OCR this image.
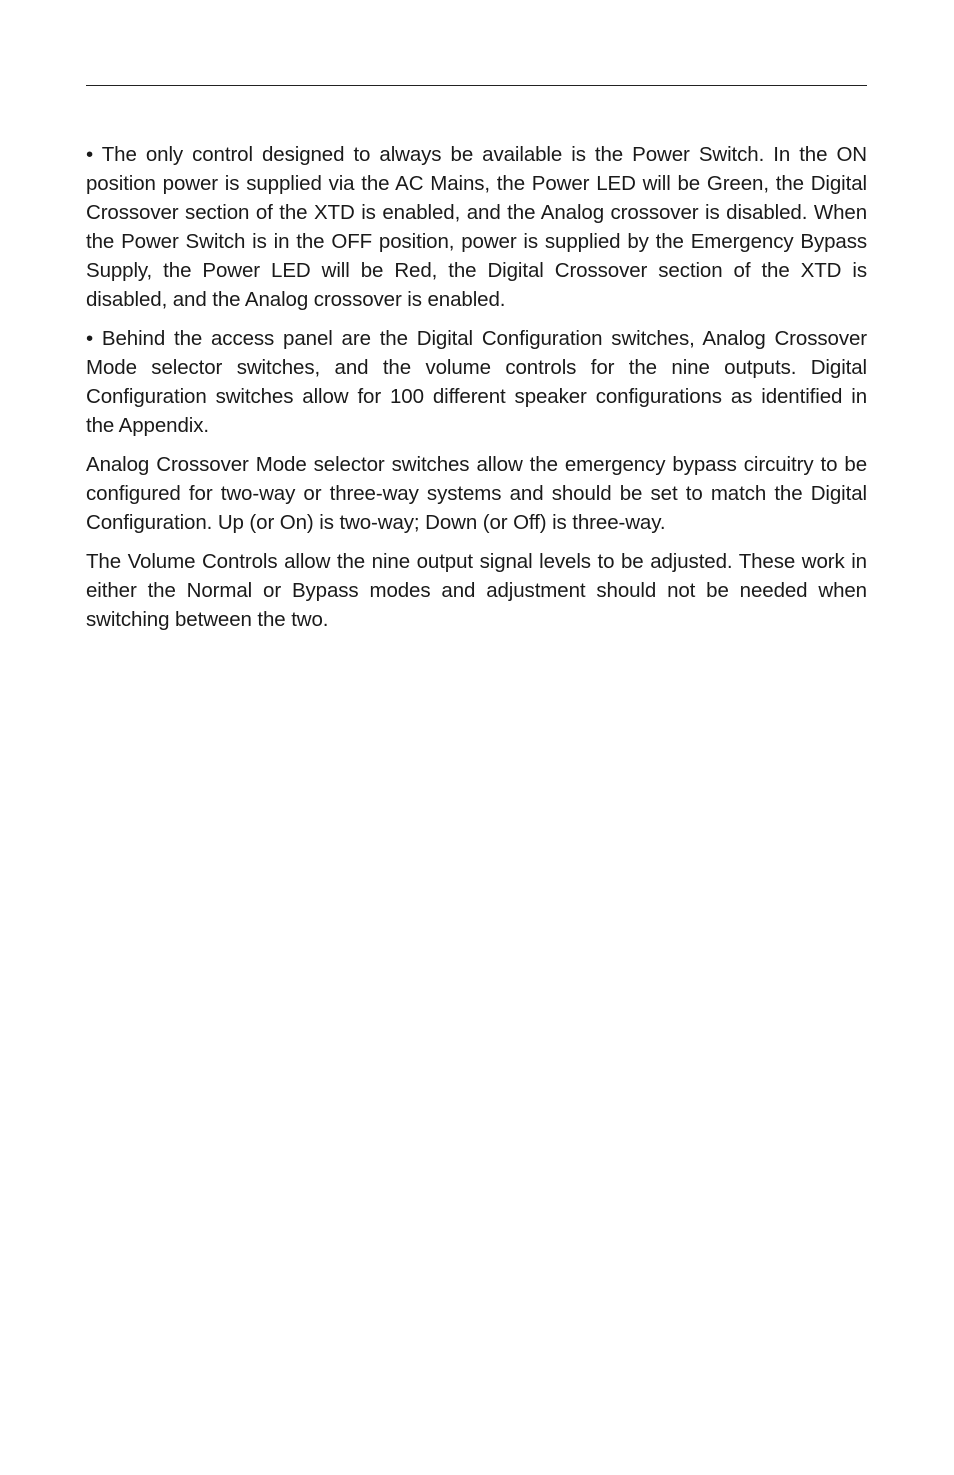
• The only control designed to always be available is the Power Switch. In the ON position power is supplied via the AC Mains, the Power LED will be Green, the Digital Crossover section of the XTD is enabled, and the Analog crossover is disabled. When the Power Switch is in the OFF position, power is supplied by the Emergency Bypass Supply, the Power LED will be Red, the Digital Crossover section of the XTD is disabled, and the Analog crossover is enabled.

• Behind the access panel are the Digital Configuration switches, Analog Crossover Mode selector switches, and the volume controls for the nine outputs. Digital Configuration switches allow for 100 different speaker configurations as identified in the Appendix.

Analog Crossover Mode selector switches allow the emergency bypass circuitry to be configured for two-way or three-way systems and should be set to match the Digital Configuration. Up (or On) is two-way; Down (or Off) is three-way.

The Volume Controls allow the nine output signal levels to be adjusted. These work in either the Normal or Bypass modes and adjustment should not be needed when switching between the two.
